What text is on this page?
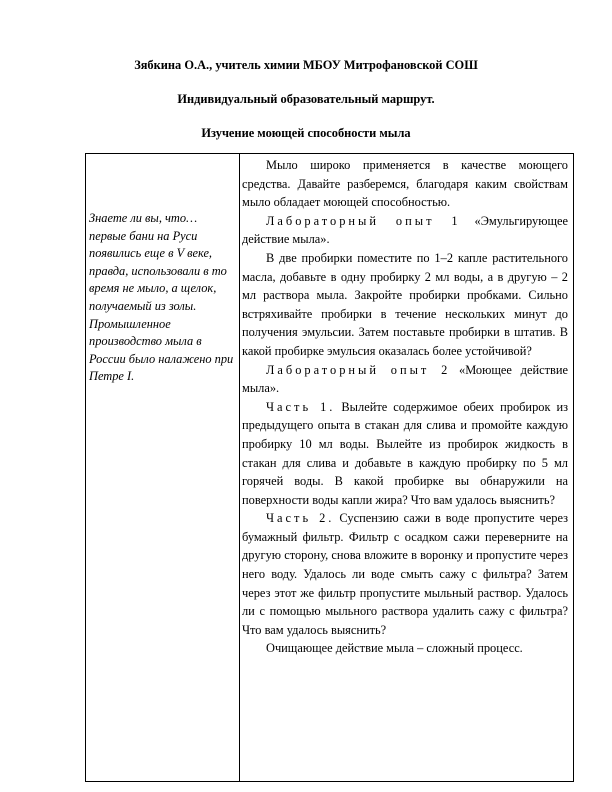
Зябкина О.А., учитель химии МБОУ Митрофановской СОШ
Индивидуальный образовательный маршрут.
Изучение моющей способности мыла

Знаете ли вы, что… первые бани на Руси появились еще в V веке, правда, использовали в то время не мыло, а щелок, получаемый из золы.

Промышленное производство мыла в России было налажено при Петре I.

Мыло широко применяется в качестве моющего средства. Давайте разберемся, благодаря каким свойствам мыло обладает моющей способностью.

Лабораторный опыт 1 «Эмульгирующее действие мыла».

В две пробирки поместите по 1–2 капле растительного масла, добавьте в одну пробирку 2 мл воды, а в другую – 2 мл раствора мыла. Закройте пробирки пробками. Сильно встряхивайте пробирки в течение нескольких минут до получения эмульсии. Затем поставьте пробирки в штатив. В какой пробирке эмульсия оказалась более устойчивой?

Лабораторный опыт 2 «Моющее действие мыла».

Часть 1. Вылейте содержимое обеих пробирок из предыдущего опыта в стакан для слива и промойте каждую пробирку 10 мл воды. Вылейте из пробирок жидкость в стакан для слива и добавьте в каждую пробирку по 5 мл горячей воды. В какой пробирке вы обнаружили на поверхности воды капли жира? Что вам удалось выяснить?

Часть 2. Суспензию сажи в воде пропустите через бумажный фильтр. Фильтр с осадком сажи переверните на другую сторону, снова вложите в воронку и пропустите через него воду. Удалось ли воде смыть сажу с фильтра? Затем через этот же фильтр пропустите мыльный раствор. Удалось ли с помощью мыльного раствора удалить сажу с фильтра? Что вам удалось выяснить?

Очищающее действие мыла – сложный процесс.
